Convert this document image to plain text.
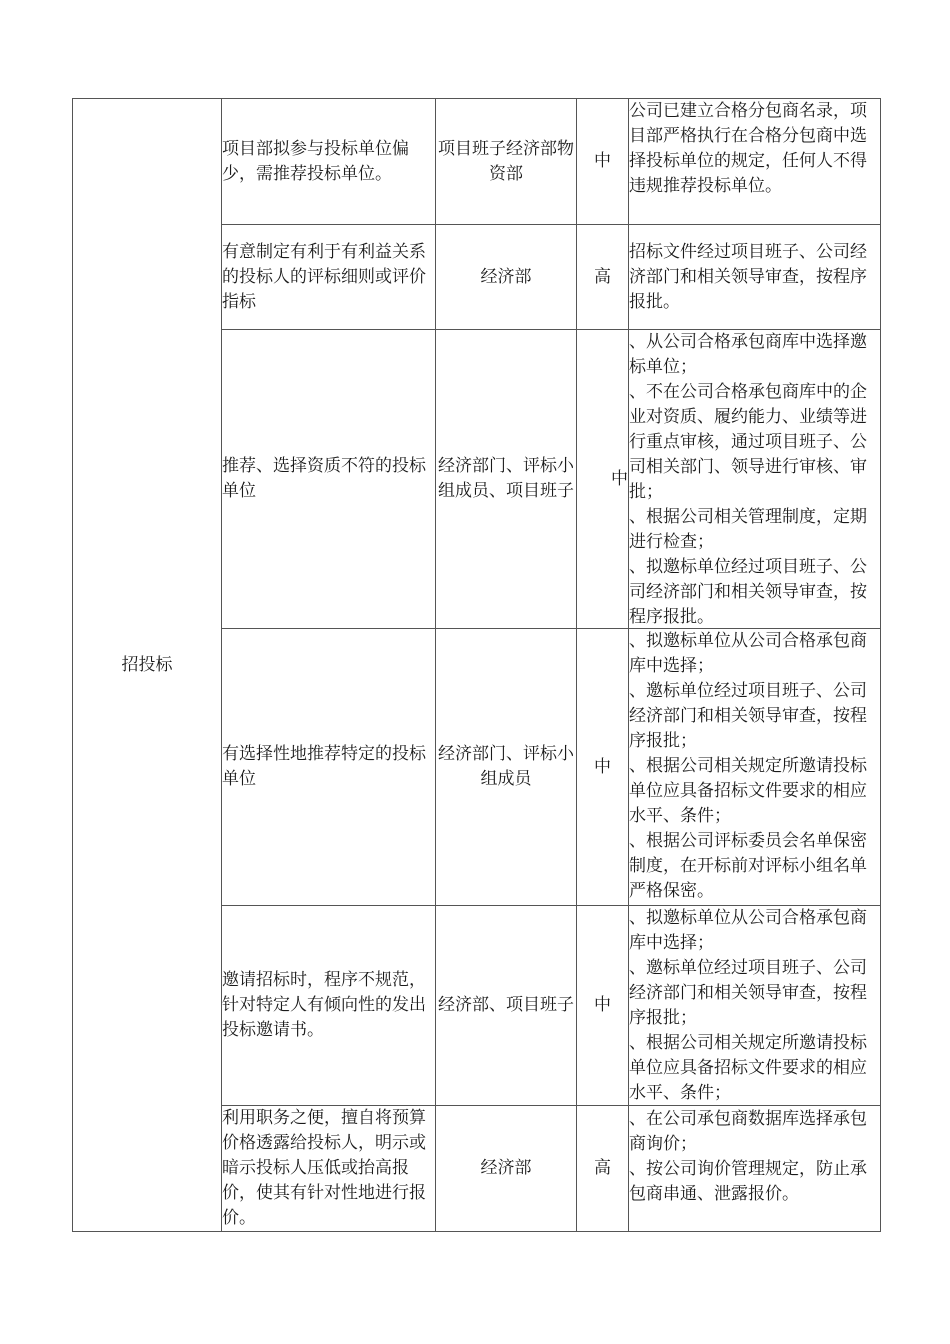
招投标	项目部拟参与投标单位偏少，需推荐投标单位。	项目班子经济部物资部	中	公司已建立合格分包商名录，项目部严格执行在合格分包商中选择投标单位的规定，任何人不得违规推荐投标单位。

	有意制定有利于有利益关系的投标人的评标细则或评价指标	经济部	高	招标文件经过项目班子、公司经济部门和相关领导审查，按程序报批。

	推荐、选择资质不符的投标单位	经济部门、评标小组成员、项目班子	中	、从公司合格承包商库中选择邀标单位；
、不在公司合格承包商库中的企业对资质、履约能力、业绩等进行重点审核，通过项目班子、公司相关部门、领导进行审核、审批；
、根据公司相关管理制度，定期进行检查；
、拟邀标单位经过项目班子、公司经济部门和相关领导审查，按程序报批。

	有选择性地推荐特定的投标单位	经济部门、评标小组成员	中	、拟邀标单位从公司合格承包商库中选择；
、邀标单位经过项目班子、公司经济部门和相关领导审查，按程序报批；
、根据公司相关规定所邀请投标单位应具备招标文件要求的相应水平、条件；
、根据公司评标委员会名单保密制度，在开标前对评标小组名单严格保密。

	邀请招标时，程序不规范，针对特定人有倾向性的发出投标邀请书。	经济部、项目班子	中	、拟邀标单位从公司合格承包商库中选择；
、邀标单位经过项目班子、公司经济部门和相关领导审查，按程序报批；
、根据公司相关规定所邀请投标单位应具备招标文件要求的相应水平、条件；

	利用职务之便，擅自将预算价格透露给投标人，明示或暗示投标人压低或抬高报价，使其有针对性地进行报价。	经济部	高	、在公司承包商数据库选择承包商询价；
、按公司询价管理规定，防止承包商串通、泄露报价。
